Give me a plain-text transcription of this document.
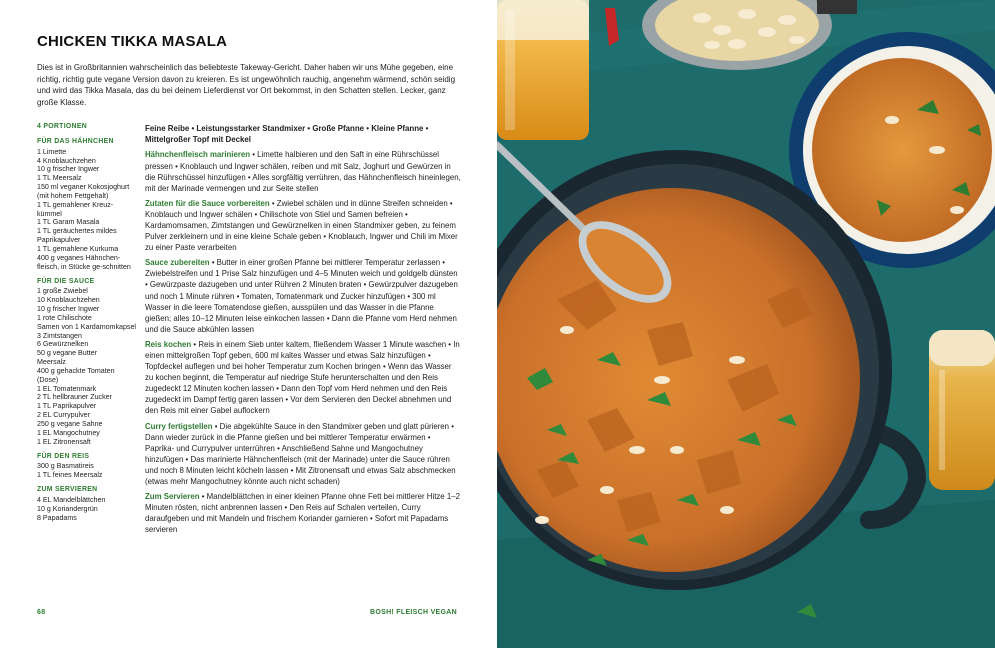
CHICKEN TIKKA MASALA

Dies ist in Großbritannien wahrscheinlich das beliebteste Takeway-Gericht. Daher haben wir uns Mühe gegeben, eine richtig, richtig gute vegane Version davon zu kreieren. Es ist ungewöhnlich rauchig, angenehm wärmend, schön seidig und wird das Tikka Masala, das du bei deinem Lieferdienst vor Ort bekommst, in den Schatten stellen. Lecker, ganz große Klasse.

4 PORTIONEN
FÜR DAS HÄHNCHEN
1 Limette
4 Knoblauchzehen
10 g frischer Ingwer
1 TL Meersalz
150 ml veganer Kokosjoghurt (mit hohem Fettgehalt)
1 TL gemahlener Kreuz-kümmel
1 TL Garam Masala
1 TL geräuchertes mildes Paprikapulver
1 TL gemahlene Kurkuma
400 g veganes Hähnchen-fleisch, in Stücke ge-schnitten
FÜR DIE SAUCE
1 große Zwiebel
10 Knoblauchzehen
10 g frischer Ingwer
1 rote Chilischote
Samen von 1 Kardamomkapsel
3 Zimtstangen
6 Gewürznelken
50 g vegane Butter
Meersalz
400 g gehackte Tomaten (Dose)
1 EL Tomatenmark
2 TL hellbrauner Zucker
1 TL Paprikapulver
2 EL Currypulver
250 g vegane Sahne
1 EL Mangochutney
1 EL Zitronensaft
FÜR DEN REIS
300 g Basmatireis
1 TL feines Meersalz
ZUM SERVIEREN
4 EL Mandelblättchen
10 g Koriandergrün
8 Papadams

Feine Reibe • Leistungsstarker Standmixer • Große Pfanne • Kleine Pfanne • Mittelgroßer Topf mit Deckel

Hähnchenfleisch marinieren • Limette halbieren und den Saft in eine Rührschüssel pressen • Knoblauch und Ingwer schälen, reiben und mit Salz, Joghurt und Gewürzen in die Rührschüssel hinzufügen • Alles sorgfältig verrühren, das Hähnchenfleisch hineinlegen, mit der Marinade vermengen und zur Seite stellen

Zutaten für die Sauce vorbereiten • Zwiebel schälen und in dünne Streifen schneiden • Knoblauch und Ingwer schälen • Chilischote von Stiel und Samen befreien • Kardamomsamen, Zimtstangen und Gewürznelken in einen Standmixer geben, zu feinem Pulver zerkleinern und in eine kleine Schale geben • Knoblauch, Ingwer und Chili im Mixer zu einer Paste verarbeiten

Sauce zubereiten • Butter in einer großen Pfanne bei mittlerer Temperatur zerlassen • Zwiebelstreifen und 1 Prise Salz hinzufügen und 4–5 Minuten weich und goldgelb dünsten • Gewürzpaste dazugeben und unter Rühren 2 Minuten braten • Gewürzpulver dazugeben und noch 1 Minute rühren • Tomaten, Tomatenmark und Zucker hinzufügen • 300 ml Wasser in die leere Tomatendose gießen, ausspülen und das Wasser in die Pfanne gießen; alles 10–12 Minuten leise einkochen lassen • Dann die Pfanne vom Herd nehmen und die Sauce abkühlen lassen

Reis kochen • Reis in einem Sieb unter kaltem, fließendem Wasser 1 Minute waschen • In einen mittelgroßen Topf geben, 600 ml kaltes Wasser und etwas Salz hinzufügen • Topfdeckel auflegen und bei hoher Temperatur zum Kochen bringen • Wenn das Wasser zu kochen beginnt, die Temperatur auf niedrige Stufe herunterschalten und den Reis zugedeckt 12 Minuten kochen lassen • Dann den Topf vom Herd nehmen und den Reis zugedeckt im Dampf fertig garen lassen • Vor dem Servieren den Deckel abnehmen und den Reis mit einer Gabel auflockern

Curry fertigstellen • Die abgekühlte Sauce in den Standmixer geben und glatt pürieren • Dann wieder zurück in die Pfanne gießen und bei mittlerer Temperatur erwärmen • Paprika- und Currypulver unterrühren • Anschließend Sahne und Mangochutney hinzufügen • Das marinierte Hähnchenfleisch (mit der Marinade) unter die Sauce rühren und noch 8 Minuten leicht köcheln lassen • Mit Zitronensaft und etwas Salz abschmecken (etwas mehr Mangochutney könnte auch nicht schaden)

Zum Servieren • Mandelblättchen in einer kleinen Pfanne ohne Fett bei mittlerer Hitze 1–2 Minuten rösten, nicht anbrennen lassen • Den Reis auf Schalen verteilen, Curry daraufgeben und mit Mandeln und frischem Koriander garnieren • Sofort mit Papadams servieren

68	BOSH! FLEISCH VEGAN
